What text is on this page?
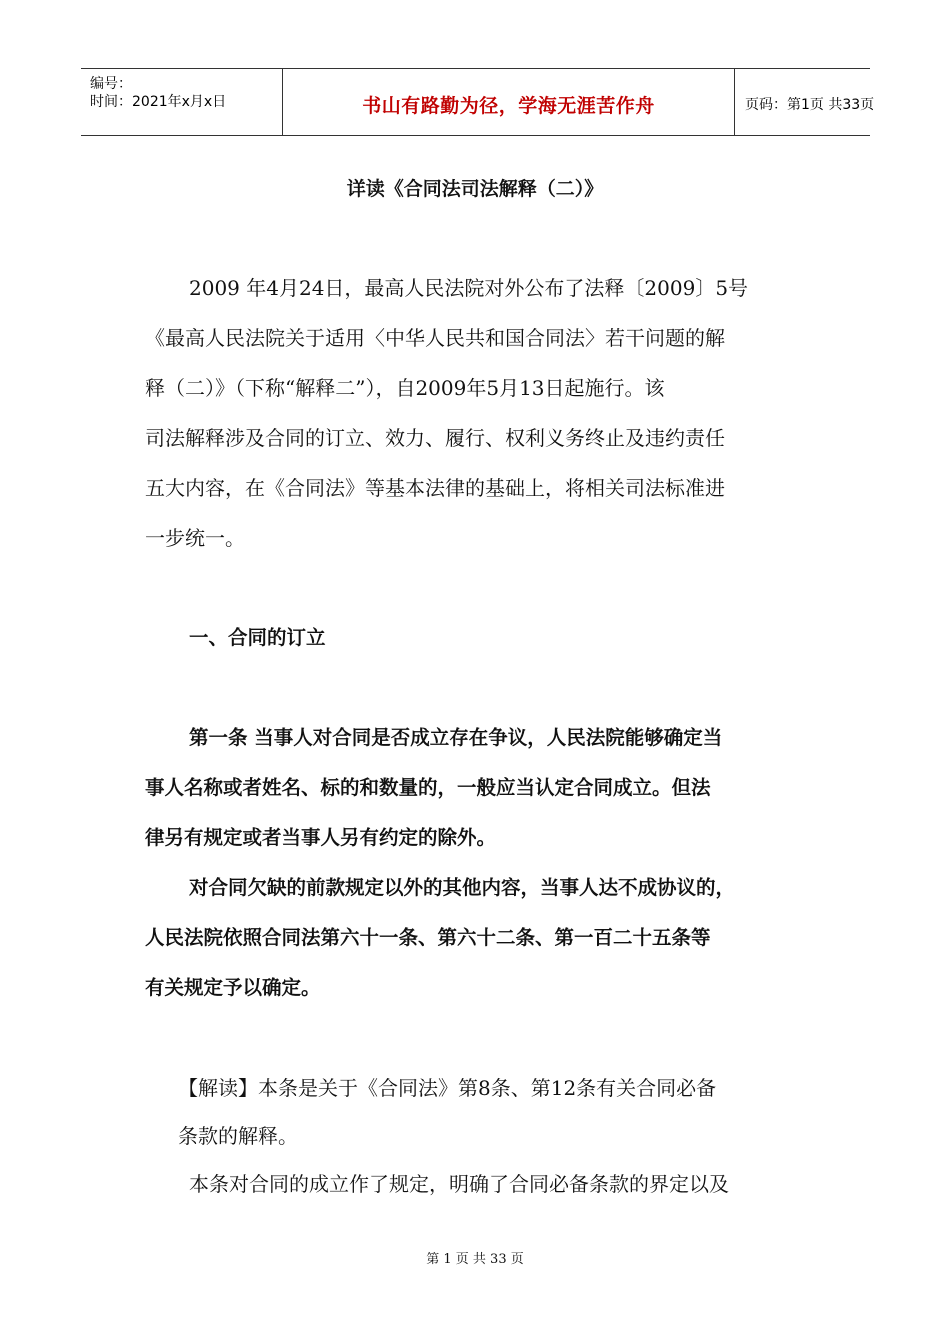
编号：
时间：2021年x月x日	书山有路勤为径，学海无涯苦作舟	页码：第1页 共33页
详读《合同法司法解释（二）》
2009 年4月24日，最高人民法院对外公布了法释〔2009〕5号
《最高人民法院关于适用〈中华人民共和国合同法〉若干问题的解
释（二）》（下称“解释二”），自2009年5月13日起施行。该
司法解释涉及合同的订立、效力、履行、权利义务终止及违约责任
五大内容，在《合同法》等基本法律的基础上，将相关司法标准进
一步统一。
一、合同的订立
第一条 当事人对合同是否成立存在争议，人民法院能够确定当
事人名称或者姓名、标的和数量的，一般应当认定合同成立。但法
律另有规定或者当事人另有约定的除外。
对合同欠缺的前款规定以外的其他内容，当事人达不成协议的，
人民法院依照合同法第六十一条、第六十二条、第一百二十五条等
有关规定予以确定。
【解读】本条是关于《合同法》第8条、第12条有关合同必备
条款的解释。
本条对合同的成立作了规定，明确了合同必备条款的界定以及
第 1 页 共 33 页
